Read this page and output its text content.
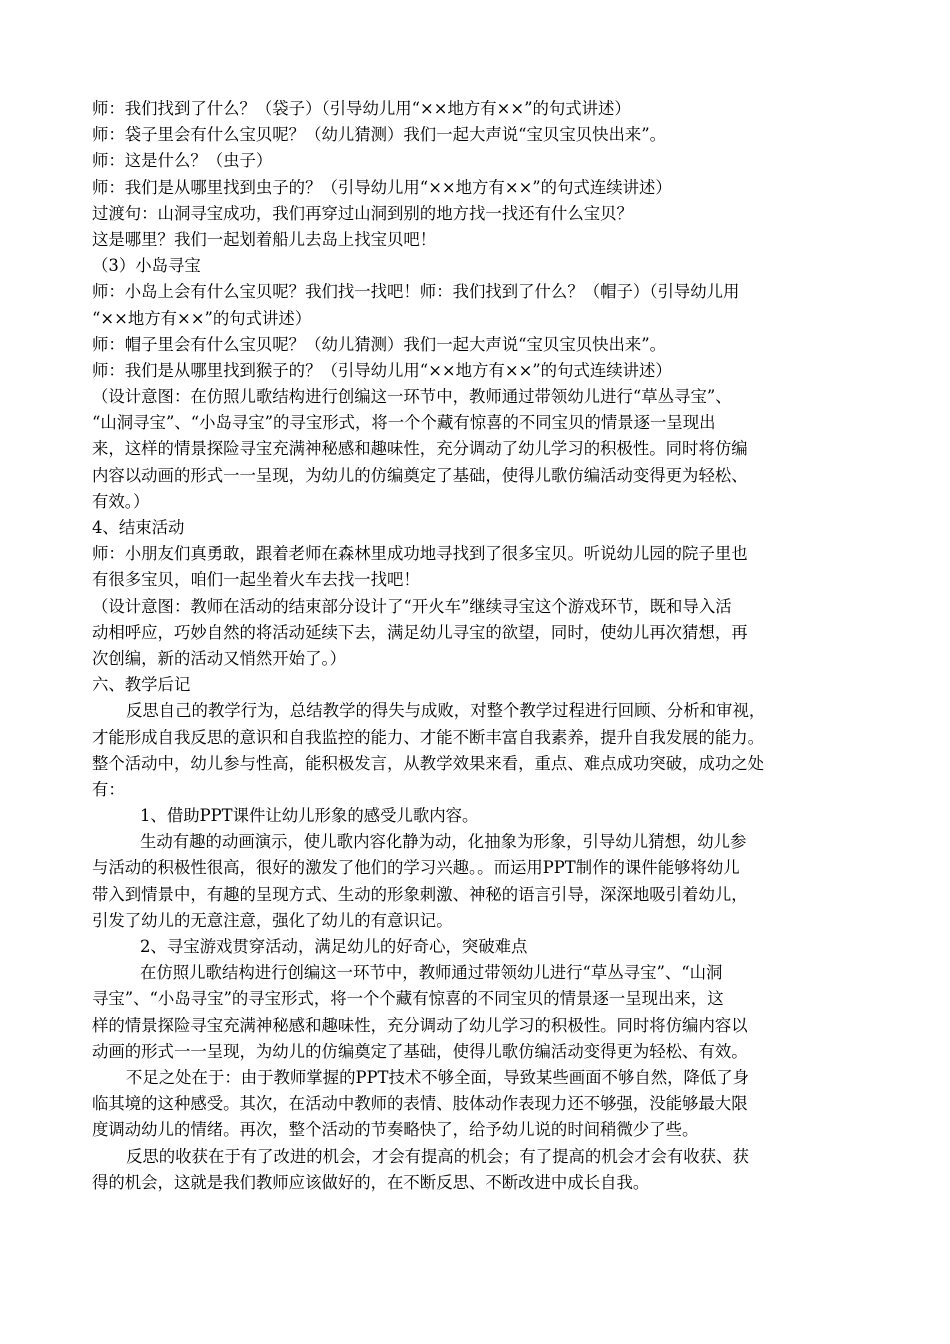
师：我们找到了什么？（袋子）（引导幼儿用“××地方有××”的句式讲述）
师：袋子里会有什么宝贝呢？（幼儿猜测）我们一起大声说“宝贝宝贝快出来”。
师：这是什么？（虫子）
师：我们是从哪里找到虫子的？（引导幼儿用“××地方有××”的句式连续讲述）
过渡句：山洞寻宝成功，我们再穿过山洞到别的地方找一找还有什么宝贝？
这是哪里？我们一起划着船儿去岛上找宝贝吧！
（3）小岛寻宝
师：小岛上会有什么宝贝呢？我们找一找吧！师：我们找到了什么？（帽子）（引导幼儿用
“××地方有××”的句式讲述）
师：帽子里会有什么宝贝呢？（幼儿猜测）我们一起大声说“宝贝宝贝快出来”。
师：我们是从哪里找到猴子的？（引导幼儿用“××地方有××”的句式连续讲述）
（设计意图：在仿照儿歌结构进行创编这一环节中，教师通过带领幼儿进行“草丛寻宝”、
“山洞寻宝”、“小岛寻宝”的寻宝形式，将一个个藏有惊喜的不同宝贝的情景逐一呈现出
来，这样的情景探险寻宝充满神秘感和趣味性，充分调动了幼儿学习的积极性。同时将仿编
内容以动画的形式一一呈现，为幼儿的仿编奠定了基础，使得儿歌仿编活动变得更为轻松、
有效。）
4、结束活动
师：小朋友们真勇敢，跟着老师在森林里成功地寻找到了很多宝贝。听说幼儿园的院子里也
有很多宝贝，咱们一起坐着火车去找一找吧！
（设计意图：教师在活动的结束部分设计了“开火车”继续寻宝这个游戏环节，既和导入活
动相呼应，巧妙自然的将活动延续下去，满足幼儿寻宝的欲望，同时，使幼儿再次猜想，再
次创编，新的活动又悄然开始了。）
六、教学后记
反思自己的教学行为，总结教学的得失与成败，对整个教学过程进行回顾、分析和审视，
才能形成自我反思的意识和自我监控的能力、才能不断丰富自我素养，提升自我发展的能力。
整个活动中，幼儿参与性高，能积极发言，从教学效果来看，重点、难点成功突破，成功之处
有：
1、借助PPT课件让幼儿形象的感受儿歌内容。
生动有趣的动画演示，使儿歌内容化静为动，化抽象为形象，引导幼儿猜想，幼儿参
与活动的积极性很高，很好的激发了他们的学习兴趣。。而运用PPT制作的课件能够将幼儿
带入到情景中，有趣的呈现方式、生动的形象刺激、神秘的语言引导，深深地吸引着幼儿，
引发了幼儿的无意注意，强化了幼儿的有意识记。
2、寻宝游戏贯穿活动，满足幼儿的好奇心，突破难点
在仿照儿歌结构进行创编这一环节中，教师通过带领幼儿进行“草丛寻宝”、“山洞
寻宝”、“小岛寻宝”的寻宝形式，将一个个藏有惊喜的不同宝贝的情景逐一呈现出来，这
样的情景探险寻宝充满神秘感和趣味性，充分调动了幼儿学习的积极性。同时将仿编内容以
动画的形式一一呈现，为幼儿的仿编奠定了基础，使得儿歌仿编活动变得更为轻松、有效。
不足之处在于：由于教师掌握的PPT技术不够全面，导致某些画面不够自然，降低了身
临其境的这种感受。其次，在活动中教师的表情、肢体动作表现力还不够强，没能够最大限
度调动幼儿的情绪。再次，整个活动的节奏略快了，给予幼儿说的时间稍微少了些。
反思的收获在于有了改进的机会，才会有提高的机会；有了提高的机会才会有收获、获
得的机会，这就是我们教师应该做好的，在不断反思、不断改进中成长自我。
